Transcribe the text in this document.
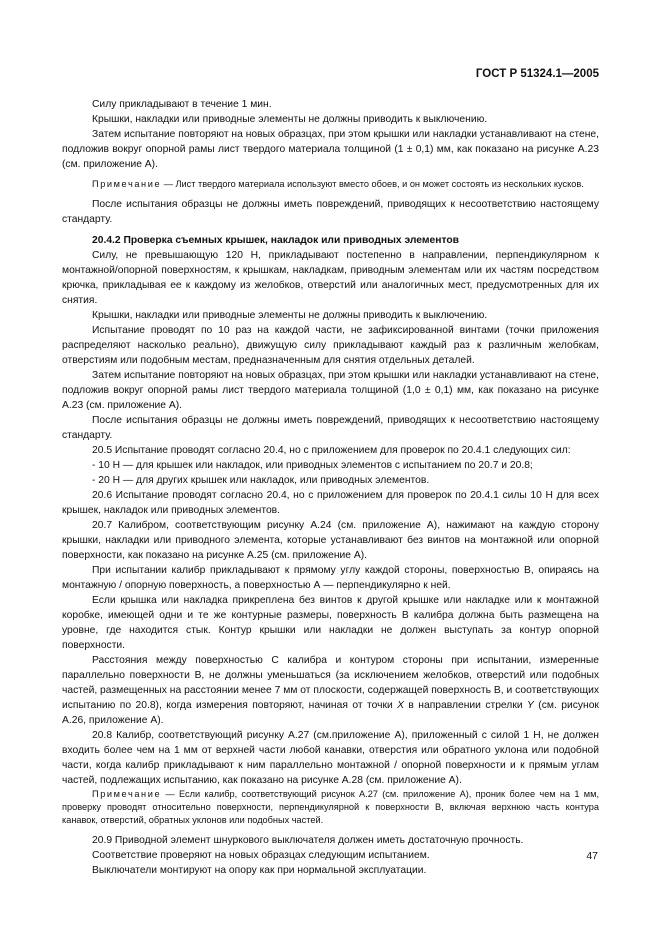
ГОСТ Р 51324.1—2005

Силу прикладывают в течение 1 мин.

Крышки, накладки или приводные элементы не должны приводить к выключению.

Затем испытание повторяют на новых образцах, при этом крышки или накладки устанавливают на стене, подложив вокруг опорной рамы лист твердого материала толщиной (1 ± 0,1) мм, как показано на рисунке А.23 (см. приложение А).

Примечание — Лист твердого материала используют вместо обоев, и он может состоять из нескольких кусков.

После испытания образцы не должны иметь повреждений, приводящих к несоответствию настоящему стандарту.

20.4.2 Проверка съемных крышек, накладок или приводных элементов

Силу, не превышающую 120 Н, прикладывают постепенно в направлении, перпендикулярном к монтажной/опорной поверхностям, к крышкам, накладкам, приводным элементам или их частям посредством крючка, прикладывая ее к каждому из желобков, отверстий или аналогичных мест, предусмотренных для их снятия.

Крышки, накладки или приводные элементы не должны приводить к выключению.

Испытание проводят по 10 раз на каждой части, не зафиксированной винтами (точки приложения распределяют насколько реально), движущую силу прикладывают каждый раз к различным желобкам, отверстиям или подобным местам, предназначенным для снятия отдельных деталей.

Затем испытание повторяют на новых образцах, при этом крышки или накладки устанавливают на стене, подложив вокруг опорной рамы лист твердого материала толщиной (1,0 ± 0,1) мм, как показано на рисунке А.23 (см. приложение А).

После испытания образцы не должны иметь повреждений, приводящих к несоответствию настоящему стандарту.

20.5 Испытание проводят согласно 20.4, но с приложением для проверок по 20.4.1 следующих сил:

- 10 Н — для крышек или накладок, или приводных элементов с испытанием по 20.7 и 20.8;

- 20 Н — для других крышек или накладок, или приводных элементов.

20.6 Испытание проводят согласно 20.4, но с приложением для проверок по 20.4.1 силы 10 Н для всех крышек, накладок или приводных элементов.

20.7 Калибром, соответствующим рисунку А.24 (см. приложение А), нажимают на каждую сторону крышки, накладки или приводного элемента, которые устанавливают без винтов на монтажной или опорной поверхности, как показано на рисунке А.25 (см. приложение А).

При испытании калибр прикладывают к прямому углу каждой стороны, поверхностью В, опираясь на монтажную / опорную поверхность, а поверхностью А — перпендикулярно к ней.

Если крышка или накладка прикреплена без винтов к другой крышке или накладке или к монтажной коробке, имеющей одни и те же контурные размеры, поверхность В калибра должна быть размещена на уровне, где находится стык. Контур крышки или накладки не должен выступать за контур опорной поверхности.

Расстояния между поверхностью С калибра и контуром стороны при испытании, измеренные параллельно поверхности В, не должны уменьшаться (за исключением желобков, отверстий или подобных частей, размещенных на расстоянии менее 7 мм от плоскости, содержащей поверхность В, и соответствующих испытанию по 20.8), когда измерения повторяют, начиная от точки X в направлении стрелки Y (см. рисунок А.26, приложение А).

20.8 Калибр, соответствующий рисунку А.27 (см.приложение А), приложенный с силой 1 Н, не должен входить более чем на 1 мм от верхней части любой канавки, отверстия или обратного уклона или подобной части, когда калибр прикладывают к ним параллельно монтажной / опорной поверхности и к прямым углам частей, подлежащих испытанию, как показано на рисунке А.28 (см. приложение А).

Примечание — Если калибр, соответствующий рисунок А.27 (см. приложение А), проник более чем на 1 мм, проверку проводят относительно поверхности, перпендикулярной к поверхности В, включая верхнюю часть контура канавок, отверстий, обратных уклонов или подобных частей.

20.9 Приводной элемент шнуркового выключателя должен иметь достаточную прочность.

Соответствие проверяют на новых образцах следующим испытанием.

Выключатели монтируют на опору как при нормальной эксплуатации.

47
